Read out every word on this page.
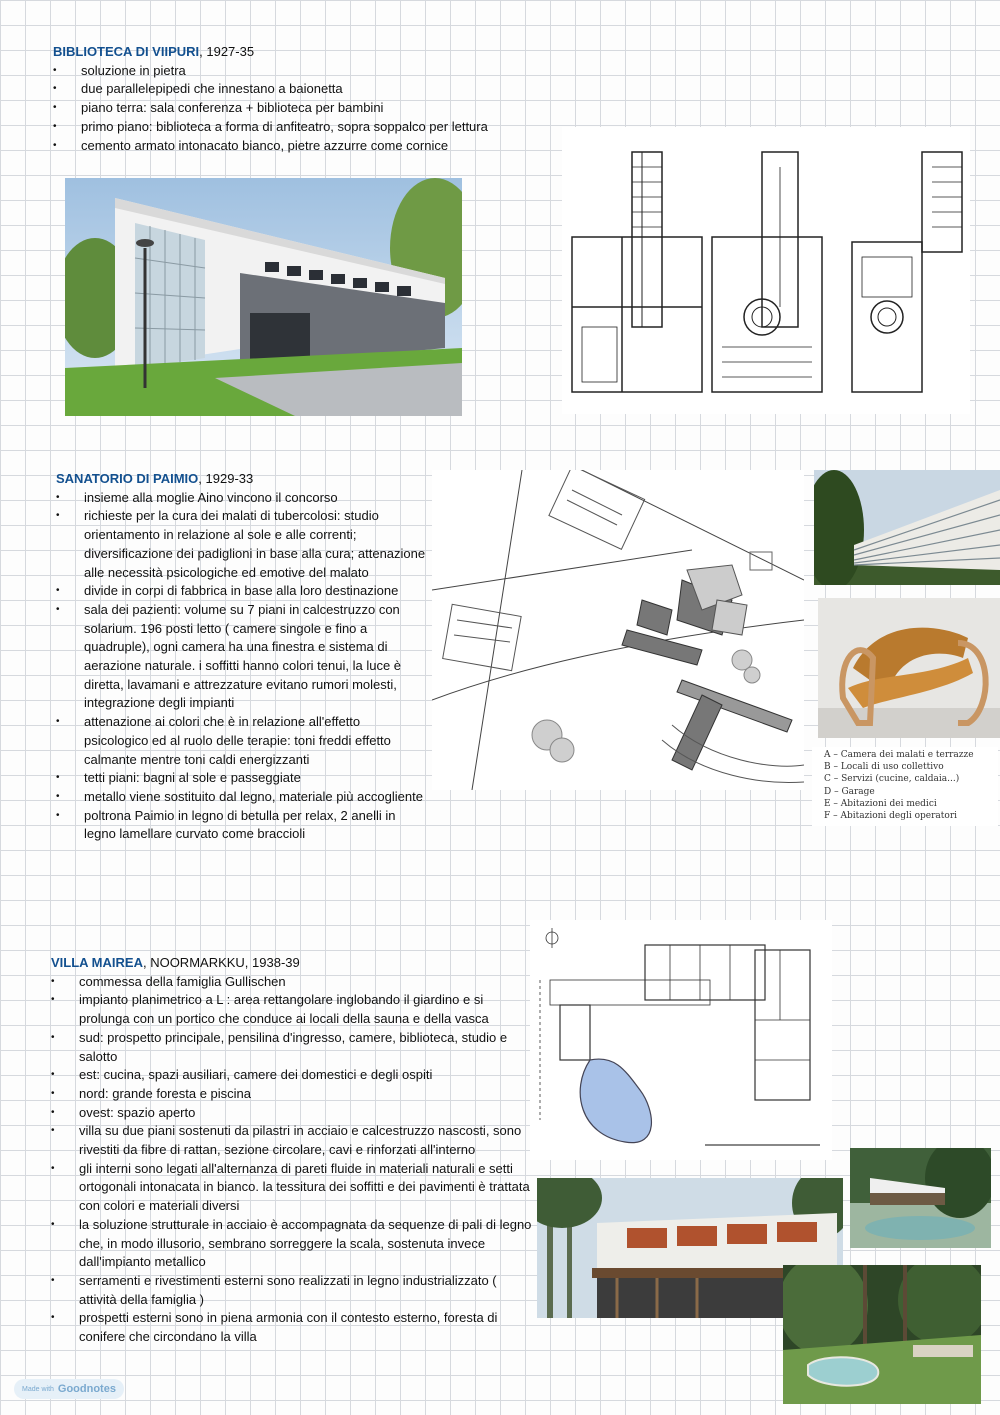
BIBLIOTECA DI VIIPURI, 1927-35
• soluzione in pietra
• due parallelepipedi che innestano a baionetta
• piano terra: sala conferenza + biblioteca per bambini
• primo piano: biblioteca a forma di anfiteatro, sopra soppalco per lettura
• cemento armato intonacato bianco, pietre azzurre come cornice
SANATORIO DI PAIMIO, 1929-33
• insieme alla moglie Aino vincono il concorso
• richieste per la cura dei malati di tubercolosi: studio orientamento in relazione al sole e alle correnti; diversificazione dei padiglioni in base alla cura; attenazione alle necessità psicologiche ed emotive del malato
• divide in corpi di fabbrica in base alla loro destinazione
• sala dei pazienti: volume su 7 piani in calcestruzzo con solarium. 196 posti letto ( camere singole e fino a quadruple), ogni camera ha una finestra e sistema di aerazione naturale. i soffitti hanno colori tenui, la luce è diretta, lavamani e attrezzature evitano rumori molesti, integrazione degli impianti
• attenazione ai colori che è in relazione all'effetto psicologico ed al ruolo delle terapie: toni freddi effetto calmante mentre toni caldi energizzanti
• tetti piani: bagni al sole e passeggiate
• metallo viene sostituito dal legno, materiale più accogliente
• poltrona Paimio in legno di betulla per relax, 2 anelli in legno lamellare curvato come braccioli
A – Camera dei malati e terrazze
B – Locali di uso collettivo
C – Servizi (cucine, caldaia...)
D – Garage
E – Abitazioni dei medici
F – Abitazioni degli operatori
VILLA MAIREA, NOORMARKKU, 1938-39
• commessa della famiglia Gullischen
• impianto planimetrico a L : area rettangolare inglobando il giardino e si prolunga con un portico che conduce ai locali della sauna e della vasca
• sud: prospetto principale, pensilina d'ingresso, camere, biblioteca, studio e salotto
• est: cucina, spazi ausiliari, camere dei domestici e degli ospiti
• nord: grande foresta e piscina
• ovest: spazio aperto
• villa su due piani sostenuti da pilastri in acciaio e calcestruzzo nascosti, sono rivestiti da fibre di rattan, sezione circolare, cavi e rinforzati all'interno
• gli interni sono legati all'alternanza di pareti fluide in materiali naturali e setti ortogonali intonacata in bianco. la tessitura dei soffitti e dei pavimenti è trattata con colori e materiali diversi
• la soluzione strutturale in acciaio è accompagnata da sequenze di pali di legno che, in modo illusorio, sembrano sorreggere la scala, sostenuta invece dall'impianto metallico
• serramenti e rivestimenti esterni sono realizzati in legno industrializzato ( attività della famiglia )
• prospetti esterni sono in piena armonia con il contesto esterno, foresta di conifere che circondano la villa
Made with Goodnotes
